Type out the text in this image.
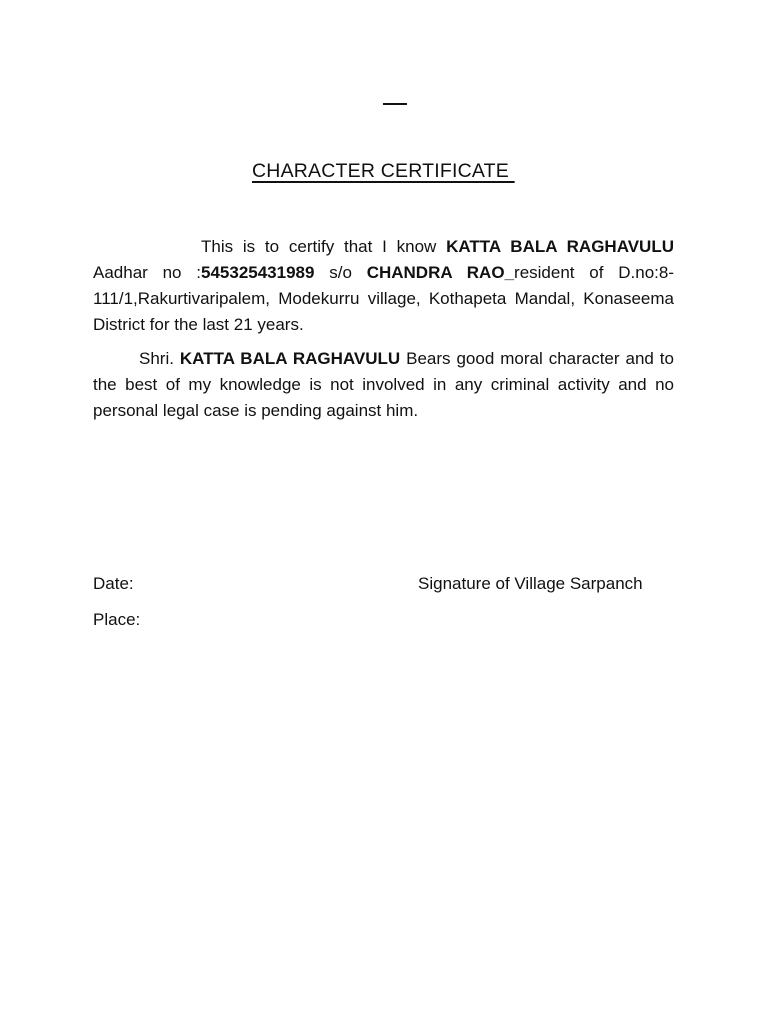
CHARACTER CERTIFICATE

This is to certify that I know KATTA BALA RAGHAVULU Aadhar no :545325431989 s/o CHANDRA RAO_resident of D.no:8-111/1,Rakurtivaripalem, Modekurru village, Kothapeta Mandal, Konaseema District for the last 21 years.

Shri. KATTA BALA RAGHAVULU Bears good moral character and to the best of my knowledge is not involved in any criminal activity and no personal legal case is pending against him.

Date:	Signature of Village Sarpanch
Place:
